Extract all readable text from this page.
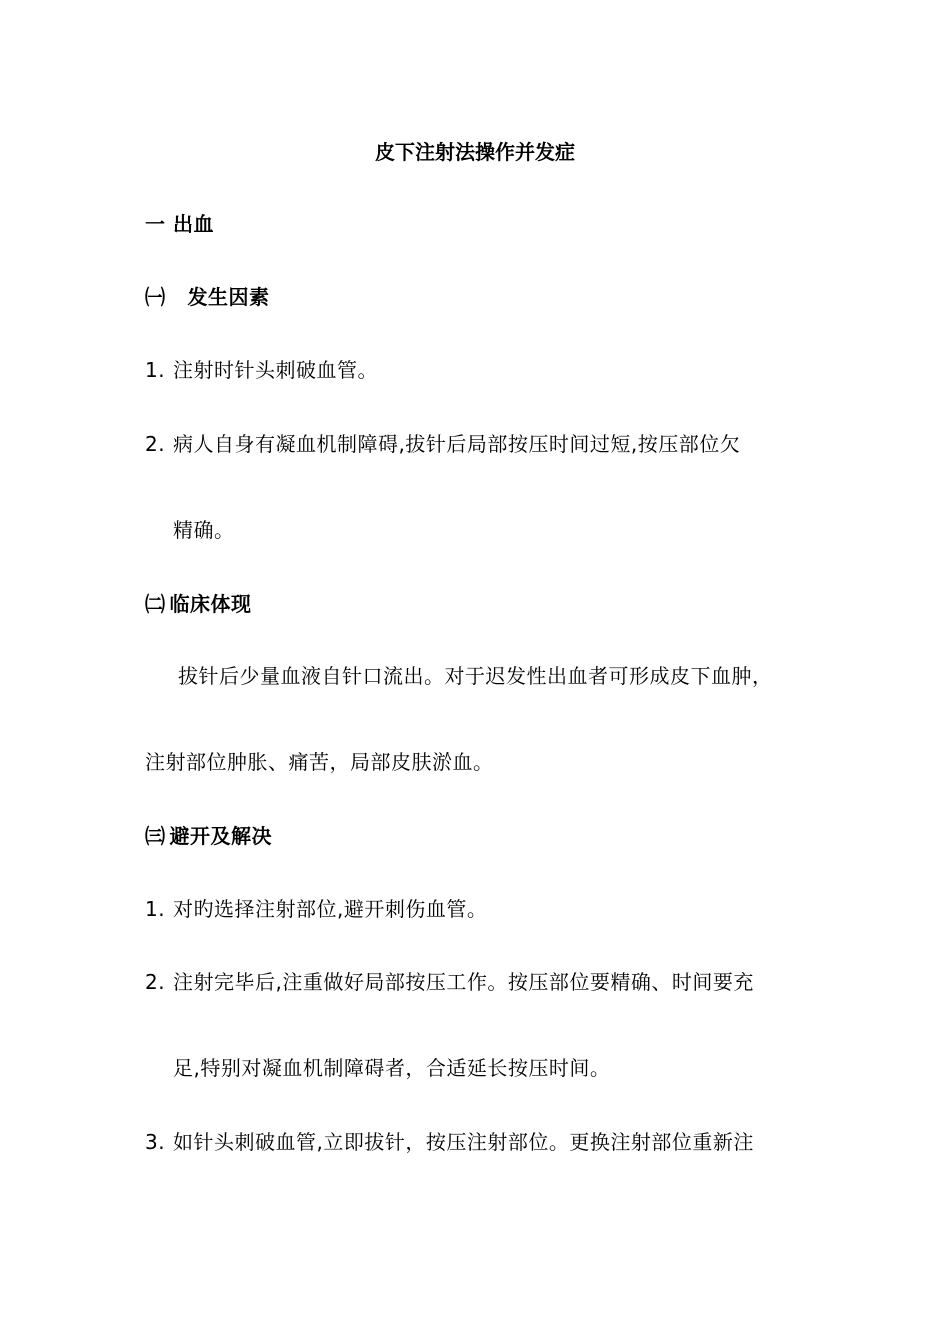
皮下注射法操作并发症
一 出血
㈠ 发生因素
1. 注射时针头刺破血管。
2. 病人自身有凝血机制障碍,拔针后局部按压时间过短,按压部位欠
精确。
㈡ 临床体现
拔针后少量血液自针口流出。对于迟发性出血者可形成皮下血肿，
注射部位肿胀、痛苦，局部皮肤淤血。
㈢ 避开及解决
1. 对旳选择注射部位,避开刺伤血管。
2. 注射完毕后,注重做好局部按压工作。按压部位要精确、时间要充
足,特别对凝血机制障碍者，合适延长按压时间。
3. 如针头刺破血管,立即拔针，按压注射部位。更换注射部位重新注
